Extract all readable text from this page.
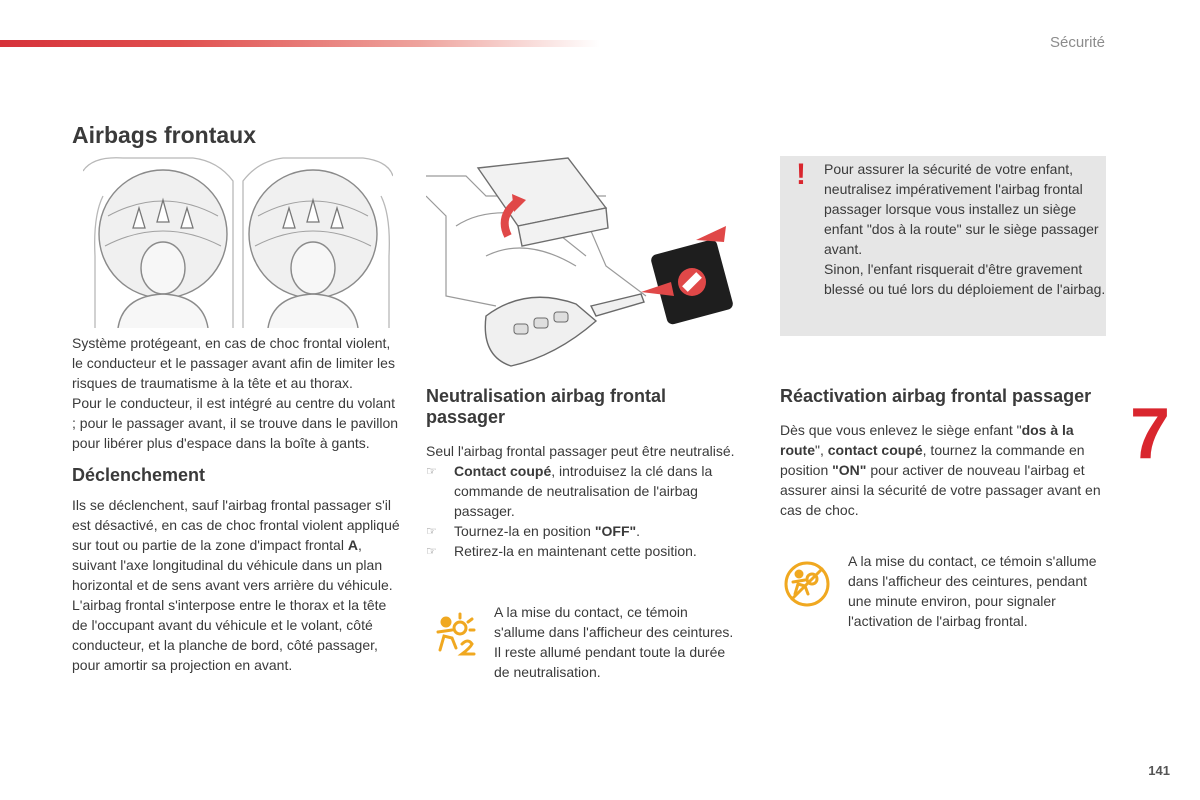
Sécurité
7
141
Airbags frontaux

Système protégeant, en cas de choc frontal violent, le conducteur et le passager avant afin de limiter les risques de traumatisme à la tête et au thorax.

Pour le conducteur, il est intégré au centre du volant ; pour le passager avant, il se trouve dans le pavillon pour libérer plus d'espace dans la boîte à gants.

Déclenchement

Ils se déclenchent, sauf l'airbag frontal passager s'il est désactivé, en cas de choc frontal violent appliqué sur tout ou partie de la zone d'impact frontal A, suivant l'axe longitudinal du véhicule dans un plan horizontal et de sens avant vers arrière du véhicule.

L'airbag frontal s'interpose entre le thorax et la tête de l'occupant avant du véhicule et le volant, côté conducteur, et la planche de bord, côté passager, pour amortir sa projection en avant.

! Pour assurer la sécurité de votre enfant, neutralisez impérativement l'airbag frontal passager lorsque vous installez un siège enfant "dos à la route" sur le siège passager avant.
Sinon, l'enfant risquerait d'être gravement blessé ou tué lors du déploiement de l'airbag.
Neutralisation airbag frontal passager

Seul l'airbag frontal passager peut être neutralisé.

☞ Contact coupé, introduisez la clé dans la commande de neutralisation de l'airbag passager.
☞ Tournez-la en position "OFF".
☞ Retirez-la en maintenant cette position.

A la mise du contact, ce témoin s'allume dans l'afficheur des ceintures. Il reste allumé pendant toute la durée de neutralisation.

Réactivation airbag frontal passager

Dès que vous enlevez le siège enfant "dos à la route", contact coupé, tournez la commande en position "ON" pour activer de nouveau l'airbag et assurer ainsi la sécurité de votre passager avant en cas de choc.

A la mise du contact, ce témoin s'allume dans l'afficheur des ceintures, pendant une minute environ, pour signaler l'activation de l'airbag frontal.
